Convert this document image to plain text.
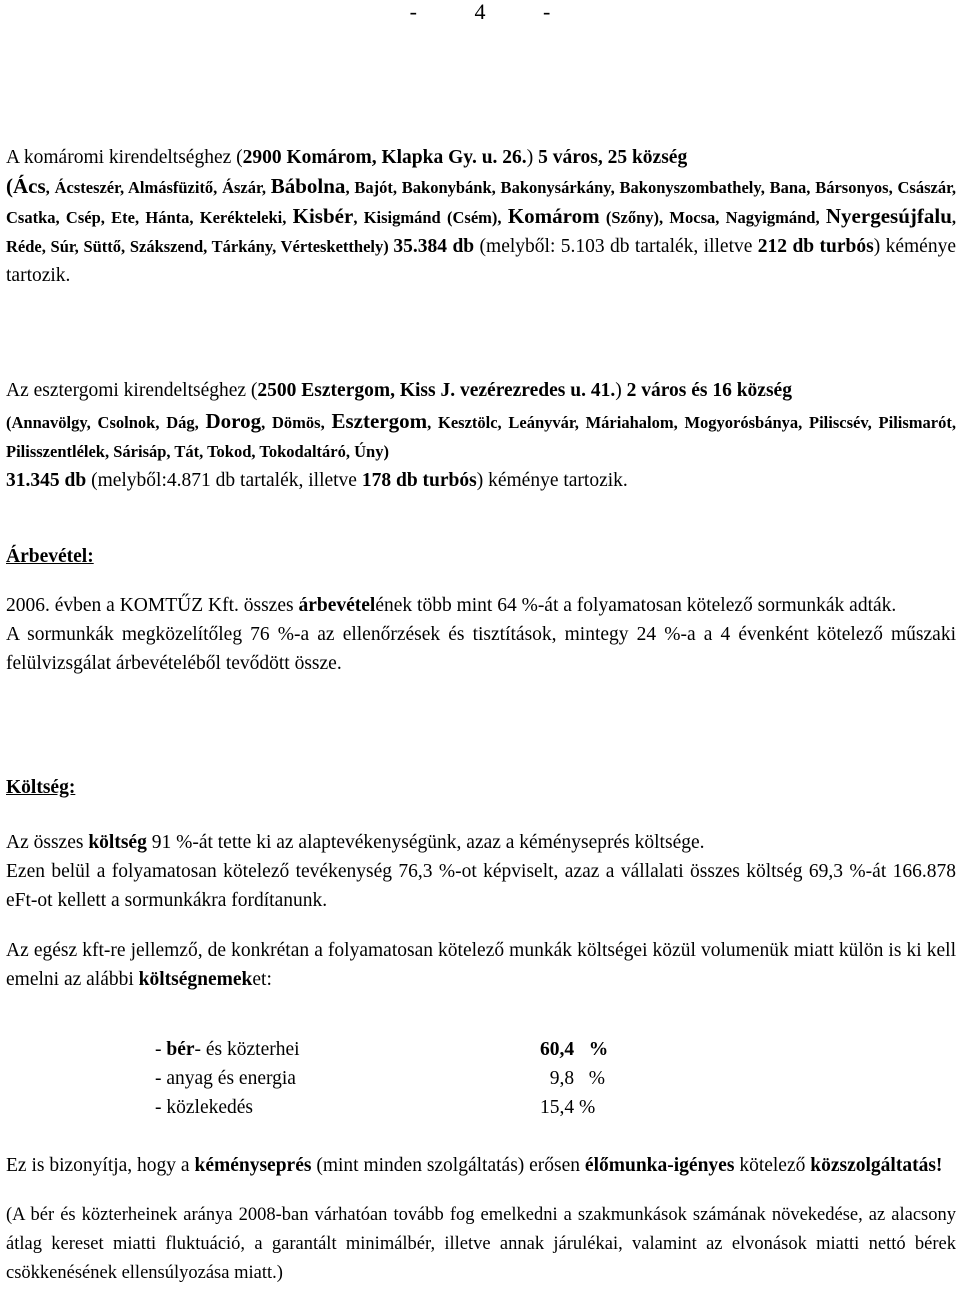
- 4 -
A komáromi kirendeltséghez (2900 Komárom, Klapka Gy. u. 26.) 5 város, 25 község
(Ács, Ácsteszér, Almásfüzitő, Ászár, Bábolna, Bajót, Bakonybánk, Bakonysárkány, Bakonyszombathely, Bana, Bársonyos, Császár, Csatka, Csép, Ete, Hánta, Kerékteleki, Kisbér, Kisigmánd (Csém), Komárom (Szőny), Mocsa, Nagyigmánd, Nyergesújfalu, Réde, Súr, Süttő, Szákszend, Tárkány, Vértesketthely) 35.384 db (melyből: 5.103 db tartalék, illetve 212 db turbós) kéménye tartozik.
Az esztergomi kirendeltséghez (2500 Esztergom, Kiss J. vezérezredes u. 41.) 2 város és 16 község
(Annavölgy, Csolnok, Dág, Dorog, Dömös, Esztergom, Kesztölc, Leányvár, Máriahalom, Mogyorósbánya, Piliscsév, Pilismarót, Pilisszentlélek, Sárisáp, Tát, Tokod, Tokodaltáró, Úny)
31.345 db (melyből:4.871 db tartalék, illetve 178 db turbós) kéménye tartozik.
Árbevétel:
2006. évben a KOMTŰZ Kft. összes árbevételének több mint 64 %-át a folyamatosan kötelező sormunkák adták.
A sormunkák megközelítőleg 76 %-a az ellenőrzések és tisztítások, mintegy 24 %-a a 4 évenként kötelező műszaki felülvizsgálat árbevételéből tevődött össze.
Költség:
Az összes költség 91 %-át tette ki az alaptevékenységünk, azaz a kéményseprés költsége.
Ezen belül a folyamatosan kötelező tevékenység 76,3 %-ot képviselt, azaz a vállalati összes költség 69,3 %-át 166.878 eFt-ot kellett a sormunkákra fordítanunk.
Az egész kft-re jellemző, de konkrétan a folyamatosan kötelező munkák költségei közül volumenük miatt külön is ki kell emelni az alábbi költségnemeket:
- bér- és közterhei	60,4   %
- anyag és energia	9,8   %
- közlekedés	15,4 %
Ez is bizonyítja, hogy a kéményseprés (mint minden szolgáltatás) erősen élőmunka-igényes kötelező közszolgáltatás!
(A bér és közterheinek aránya 2008-ban várhatóan tovább fog emelkedni a szakmunkások számának növekedése, az alacsony átlag kereset miatti fluktuáció, a garantált minimálbér, illetve annak járulékai, valamint az elvonások miatti nettó bérek csökkenésének ellensúlyozása miatt.)
